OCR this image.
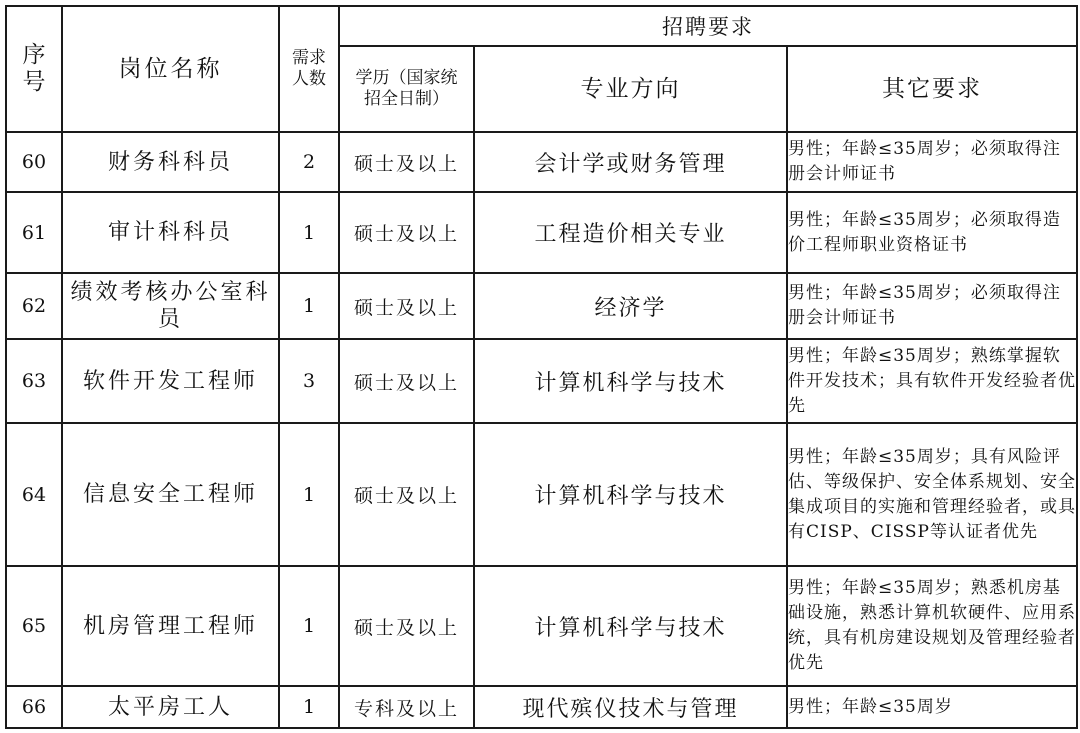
序号	岗位名称	需求人数	招聘要求		

			学历（国家统招全日制）	专业方向	其它要求
60	财务科科员	2	硕士及以上	会计学或财务管理	男性；年龄≤35周岁；必须取得注册会计师证书
61	审计科科员	1	硕士及以上	工程造价相关专业	男性；年龄≤35周岁；必须取得造价工程师职业资格证书
62	绩效考核办公室科员	1	硕士及以上	经济学	男性；年龄≤35周岁；必须取得注册会计师证书
63	软件开发工程师	3	硕士及以上	计算机科学与技术	男性；年龄≤35周岁；熟练掌握软件开发技术；具有软件开发经验者优先
64	信息安全工程师	1	硕士及以上	计算机科学与技术	男性；年龄≤35周岁；具有风险评估、等级保护、安全体系规划、安全集成项目的实施和管理经验者，或具有CISP、CISSP等认证者优先
65	机房管理工程师	1	硕士及以上	计算机科学与技术	男性；年龄≤35周岁；熟悉机房基础设施，熟悉计算机软硬件、应用系统，具有机房建设规划及管理经验者优先
66	太平房工人	1	专科及以上	现代殡仪技术与管理	男性；年龄≤35周岁
